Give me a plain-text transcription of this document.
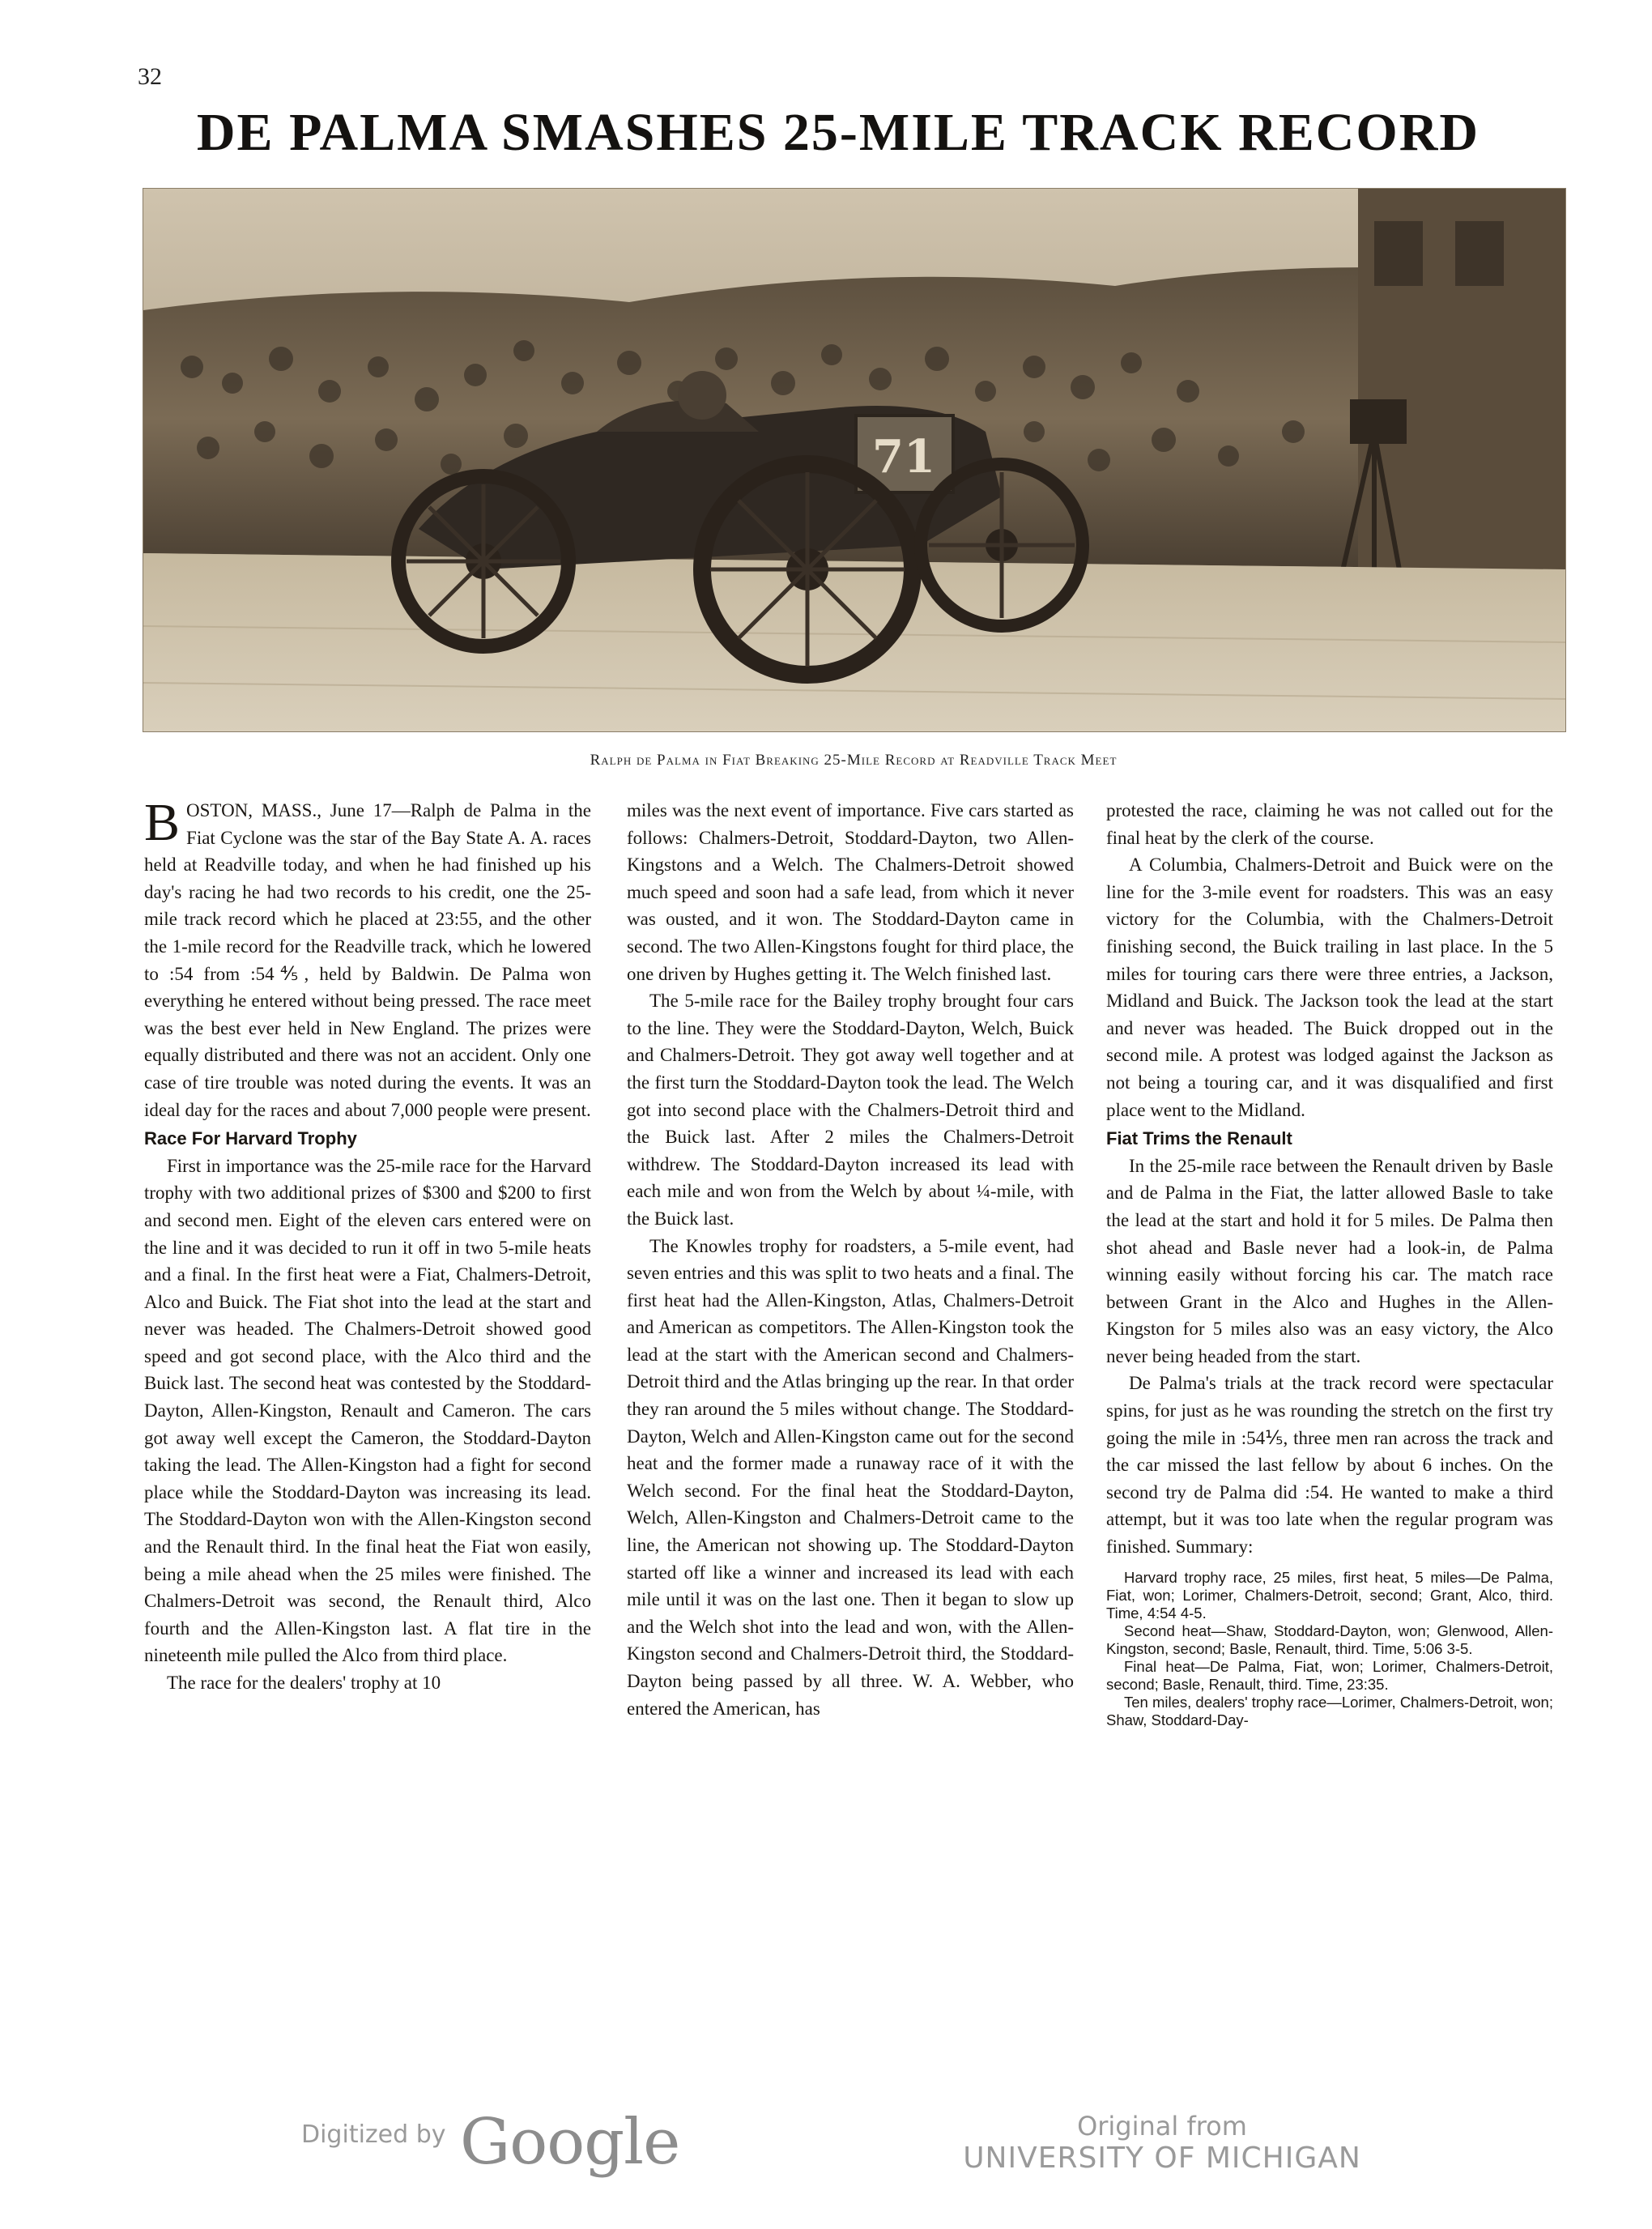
32
DE PALMA SMASHES 25-MILE TRACK RECORD
71
Ralph de Palma in Fiat Breaking 25-Mile Record at Readville Track Meet

BOSTON, MASS., June 17—Ralph de Palma in the Fiat Cyclone was the star of the Bay State A. A. races held at Readville today, and when he had finished up his day's racing he had two records to his credit, one the 25-mile track record which he placed at 23:55, and the other the 1-mile record for the Readville track, which he lowered to :54 from :54⅘, held by Baldwin. De Palma won everything he entered without being pressed. The race meet was the best ever held in New England. The prizes were equally distributed and there was not an accident. Only one case of tire trouble was noted during the events. It was an ideal day for the races and about 7,000 people were present.

Race For Harvard Trophy

First in importance was the 25-mile race for the Harvard trophy with two additional prizes of $300 and $200 to first and second men. Eight of the eleven cars entered were on the line and it was decided to run it off in two 5-mile heats and a final. In the first heat were a Fiat, Chalmers-Detroit, Alco and Buick. The Fiat shot into the lead at the start and never was headed. The Chalmers-Detroit showed good speed and got second place, with the Alco third and the Buick last. The second heat was contested by the Stoddard-Dayton, Allen-Kingston, Renault and Cameron. The cars got away well except the Cameron, the Stoddard-Dayton taking the lead. The Allen-Kingston had a fight for second place while the Stoddard-Dayton was increasing its lead. The Stoddard-Dayton won with the Allen-Kingston second and the Renault third. In the final heat the Fiat won easily, being a mile ahead when the 25 miles were finished. The Chalmers-Detroit was second, the Renault third, Alco fourth and the Allen-Kingston last. A flat tire in the nineteenth mile pulled the Alco from third place.

The race for the dealers' trophy at 10

miles was the next event of importance. Five cars started as follows: Chalmers-Detroit, Stoddard-Dayton, two Allen-Kingstons and a Welch. The Chalmers-Detroit showed much speed and soon had a safe lead, from which it never was ousted, and it won. The Stoddard-Dayton came in second. The two Allen-Kingstons fought for third place, the one driven by Hughes getting it. The Welch finished last.

The 5-mile race for the Bailey trophy brought four cars to the line. They were the Stoddard-Dayton, Welch, Buick and Chalmers-Detroit. They got away well together and at the first turn the Stoddard-Dayton took the lead. The Welch got into second place with the Chalmers-Detroit third and the Buick last. After 2 miles the Chalmers-Detroit withdrew. The Stoddard-Dayton increased its lead with each mile and won from the Welch by about ¼-mile, with the Buick last.

The Knowles trophy for roadsters, a 5-mile event, had seven entries and this was split to two heats and a final. The first heat had the Allen-Kingston, Atlas, Chalmers-Detroit and American as competitors. The Allen-Kingston took the lead at the start with the American second and Chalmers-Detroit third and the Atlas bringing up the rear. In that order they ran around the 5 miles without change. The Stoddard-Dayton, Welch and Allen-Kingston came out for the second heat and the former made a runaway race of it with the Welch second. For the final heat the Stoddard-Dayton, Welch, Allen-Kingston and Chalmers-Detroit came to the line, the American not showing up. The Stoddard-Dayton started off like a winner and increased its lead with each mile until it was on the last one. Then it began to slow up and the Welch shot into the lead and won, with the Allen-Kingston second and Chalmers-Detroit third, the Stoddard-Dayton being passed by all three. W. A. Webber, who entered the American, has

protested the race, claiming he was not called out for the final heat by the clerk of the course.

A Columbia, Chalmers-Detroit and Buick were on the line for the 3-mile event for roadsters. This was an easy victory for the Columbia, with the Chalmers-Detroit finishing second, the Buick trailing in last place. In the 5 miles for touring cars there were three entries, a Jackson, Midland and Buick. The Jackson took the lead at the start and never was headed. The Buick dropped out in the second mile. A protest was lodged against the Jackson as not being a touring car, and it was disqualified and first place went to the Midland.

Fiat Trims the Renault

In the 25-mile race between the Renault driven by Basle and de Palma in the Fiat, the latter allowed Basle to take the lead at the start and hold it for 5 miles. De Palma then shot ahead and Basle never had a look-in, de Palma winning easily without forcing his car. The match race between Grant in the Alco and Hughes in the Allen-Kingston for 5 miles also was an easy victory, the Alco never being headed from the start.

De Palma's trials at the track record were spectacular spins, for just as he was rounding the stretch on the first try going the mile in :54⅕, three men ran across the track and the car missed the last fellow by about 6 inches. On the second try de Palma did :54. He wanted to make a third attempt, but it was too late when the regular program was finished. Summary:

Harvard trophy race, 25 miles, first heat, 5 miles—De Palma, Fiat, won; Lorimer, Chalmers-Detroit, second; Grant, Alco, third. Time, 4:54 4-5.

Second heat—Shaw, Stoddard-Dayton, won; Glenwood, Allen-Kingston, second; Basle, Renault, third. Time, 5:06 3-5.

Final heat—De Palma, Fiat, won; Lorimer, Chalmers-Detroit, second; Basle, Renault, third. Time, 23:35.

Ten miles, dealers' trophy race—Lorimer, Chalmers-Detroit, won; Shaw, Stoddard-Day-

Digitized by Google	Original from
UNIVERSITY OF MICHIGAN
